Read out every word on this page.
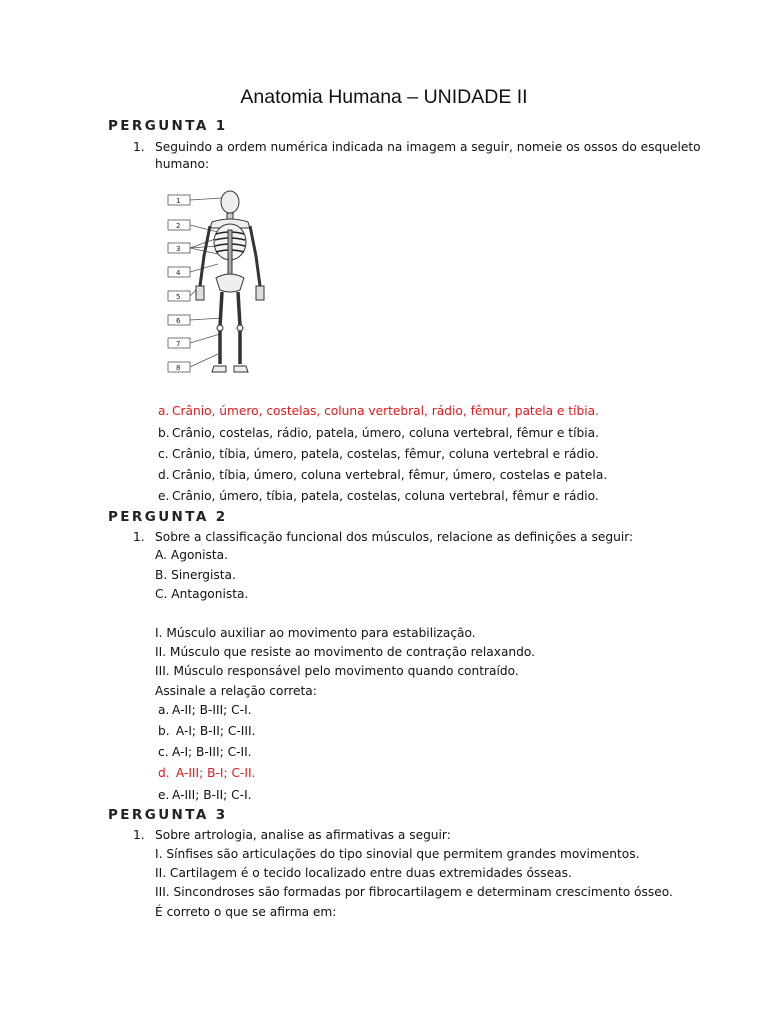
Anatomia Humana – UNIDADE II
PERGUNTA 1
1. Seguindo a ordem numérica indicada na imagem a seguir, nomeie os ossos do esqueleto
humano:
1
2
3
4
5
6
7
8
a. Crânio, úmero, costelas, coluna vertebral, rádio, fêmur, patela e tíbia.
b. Crânio, costelas, rádio, patela, úmero, coluna vertebral, fêmur e tíbia.
c. Crânio, tíbia, úmero, patela, costelas, fêmur, coluna vertebral e rádio.
d. Crânio, tíbia, úmero, coluna vertebral, fêmur, úmero, costelas e patela.
e. Crânio, úmero, tíbia, patela, costelas, coluna vertebral, fêmur e rádio.
PERGUNTA 2
1. Sobre a classificação funcional dos músculos, relacione as definições a seguir:
A. Agonista.
B. Sinergista.
C. Antagonista.
I. Músculo auxiliar ao movimento para estabilização.
II. Músculo que resiste ao movimento de contração relaxando.
III. Músculo responsável pelo movimento quando contraído.
Assinale a relação correta:
a. A-II; B-III; C-I.
b. A-I; B-II; C-III.
c. A-I; B-III; C-II.
d. A-III; B-I; C-II.
e. A-III; B-II; C-I.
PERGUNTA 3
1. Sobre artrologia, analise as afirmativas a seguir:
I. Sínfises são articulações do tipo sinovial que permitem grandes movimentos.
II. Cartilagem é o tecido localizado entre duas extremidades ósseas.
III. Sincondroses são formadas por fibrocartilagem e determinam crescimento ósseo.
É correto o que se afirma em:
